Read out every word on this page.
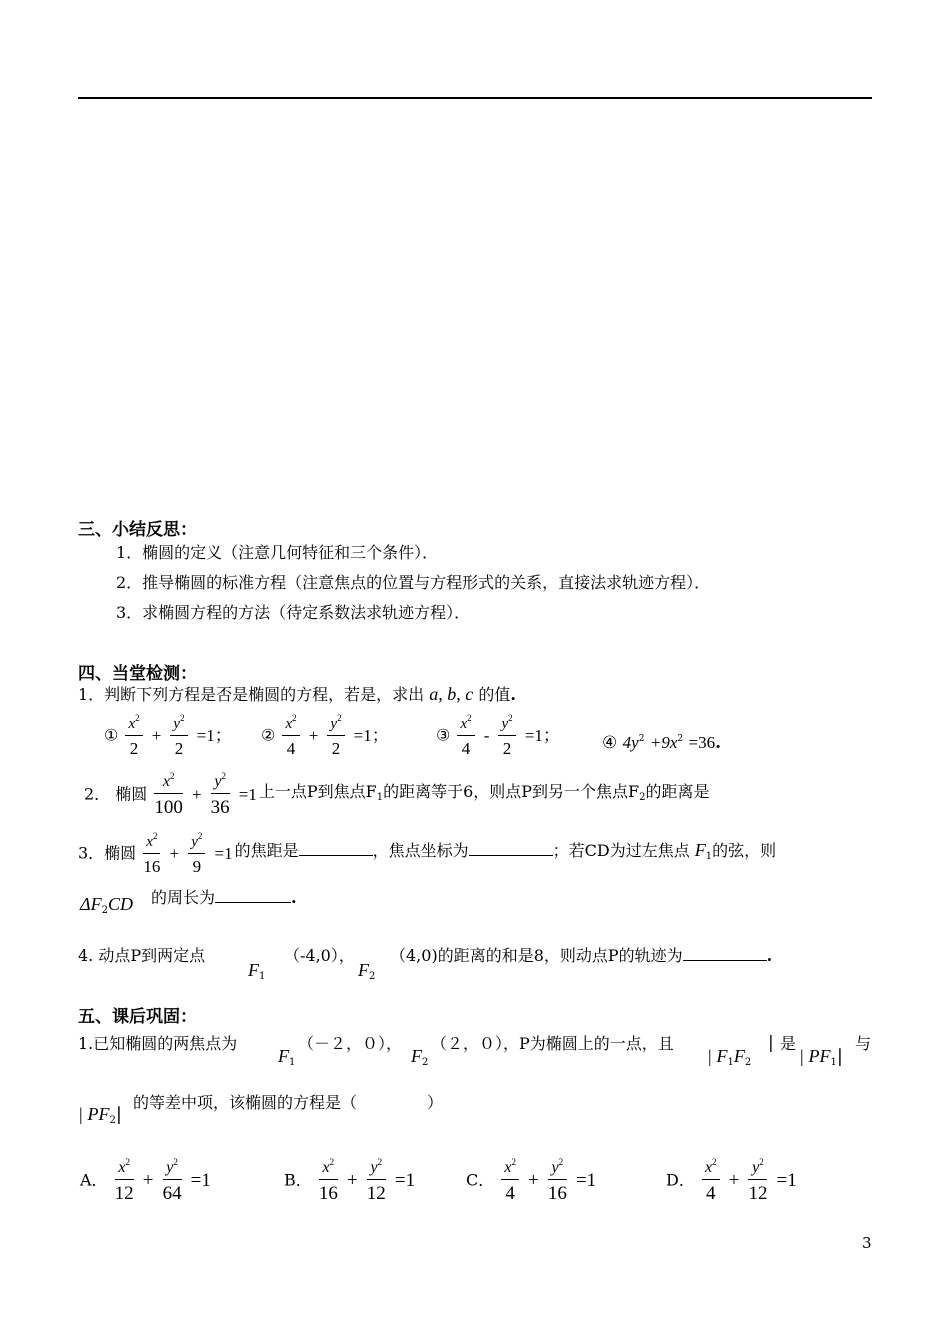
三、小结反思：
1．椭圆的定义（注意几何特征和三个条件）．
2．推导椭圆的标准方程（注意焦点的位置与方程形式的关系，直接法求轨迹方程）．
3．求椭圆方程的方法（待定系数法求轨迹方程）．
四、当堂检测：
1．判断下列方程是否是椭圆的方程，若是，求出 a, b, c 的值.
① $\frac{x^2}{2} + \frac{y^2}{2} =1$； ② $\frac{x^2}{4} + \frac{y^2}{2} =1$；	③ $\frac{x^2}{4} - \frac{y^2}{2} =1$； ④ $4y^2 +9x^2 =36$.
2． 椭圆 $\frac{x^2}{100} + \frac{y^2}{36} =1$ 上一点P到焦点$F_1$的距离等于6，则点P到另一个焦点$F_2$的距离是
3．椭圆 $\frac{x^2}{16} + \frac{y^2}{9} =1$ 的焦距是	，焦点坐标为	；若CD为过左焦点 $F_1$的弦，则
$\Delta F_2CD$ 的周长为	.
4. 动点P到两定点
$F_1$
（-4,0），
$F_2$
（4,0)的距离的和是8，则动点P的轨迹为	.
五、课后巩固：
1.已知椭圆的两焦点为
$F_1$
（－２，０），
$F_2$
（２，０），P为椭圆上的一点，且
| $F_1F_2$
| 是
| $PF_1|$
与
| $PF_2|$
的等差中项，该椭圆的方程是（	）
A． $\frac{x^2}{12} + \frac{y^2}{64} =1$	B． $\frac{x^2}{16} + \frac{y^2}{12} =1$	C． $\frac{x^2}{4} + \frac{y^2}{16} =1$	D． $\frac{x^2}{4} + \frac{y^2}{12} =1$
3
